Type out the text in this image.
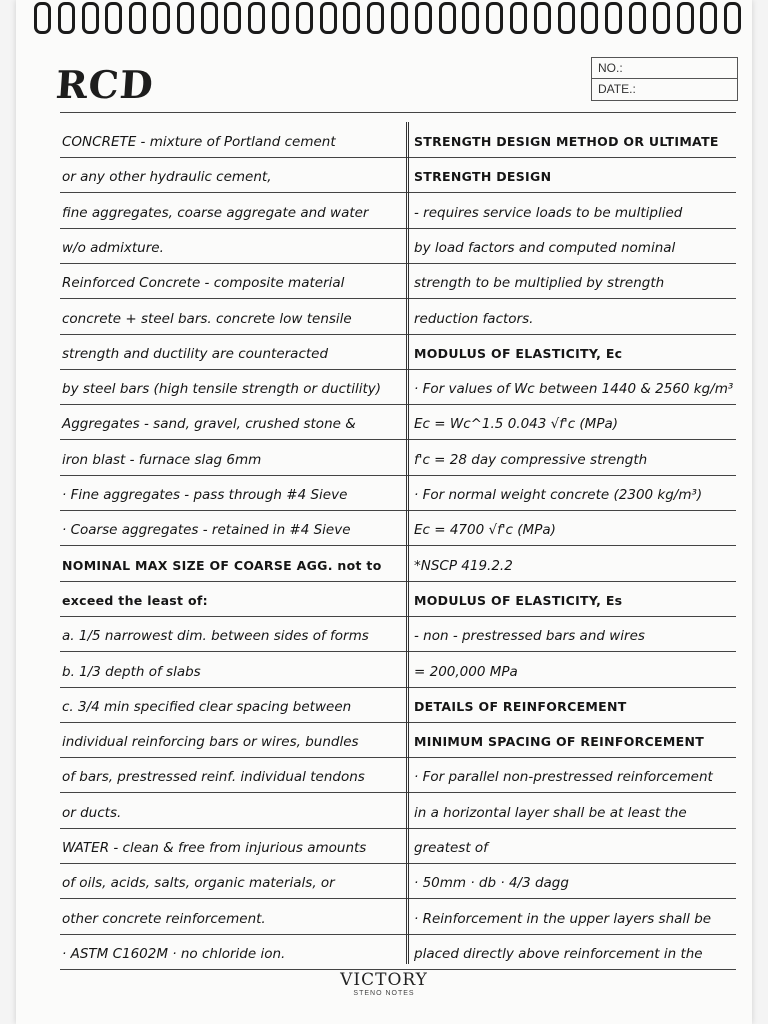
RCD	NO.:
DATE.:
CONCRETE - mixture of Portland cement
or any other hydraulic cement,
fine aggregates, coarse aggregate and water
w/o admixture.
Reinforced Concrete - composite material
concrete + steel bars. concrete low tensile
strength and ductility are counteracted
by steel bars (high tensile strength or ductility)
Aggregates - sand, gravel, crushed stone &
iron blast - furnace slag 6mm
· Fine aggregates - pass through #4 Sieve
· Coarse aggregates - retained in #4 Sieve
NOMINAL MAX SIZE OF COARSE AGG. not to
exceed the least of:
a. 1/5 narrowest dim. between sides of forms
b. 1/3 depth of slabs
c. 3/4 min specified clear spacing between
individual reinforcing bars or wires, bundles
of bars, prestressed reinf. individual tendons
or ducts.
WATER - clean & free from injurious amounts
of oils, acids, salts, organic materials, or
other concrete reinforcement.
· ASTM C1602M · no chloride ion.
STRENGTH DESIGN METHOD OR ULTIMATE
STRENGTH DESIGN
- requires service loads to be multiplied
by load factors and computed nominal
strength to be multiplied by strength
reduction factors.
MODULUS OF ELASTICITY, Ec
· For values of Wc between 1440 & 2560 kg/m³
Ec = Wc^1.5 0.043 √f'c (MPa)
f'c = 28 day compressive strength
· For normal weight concrete (2300 kg/m³)
Ec = 4700 √f'c (MPa)
*NSCP 419.2.2
MODULUS OF ELASTICITY, Es
- non - prestressed bars and wires
= 200,000 MPa
DETAILS OF REINFORCEMENT
MINIMUM SPACING OF REINFORCEMENT
· For parallel non-prestressed reinforcement
in a horizontal layer shall be at least the
greatest of
· 50mm · db · 4/3 dagg
· Reinforcement in the upper layers shall be
placed directly above reinforcement in the
VICTORY
STENO NOTES
